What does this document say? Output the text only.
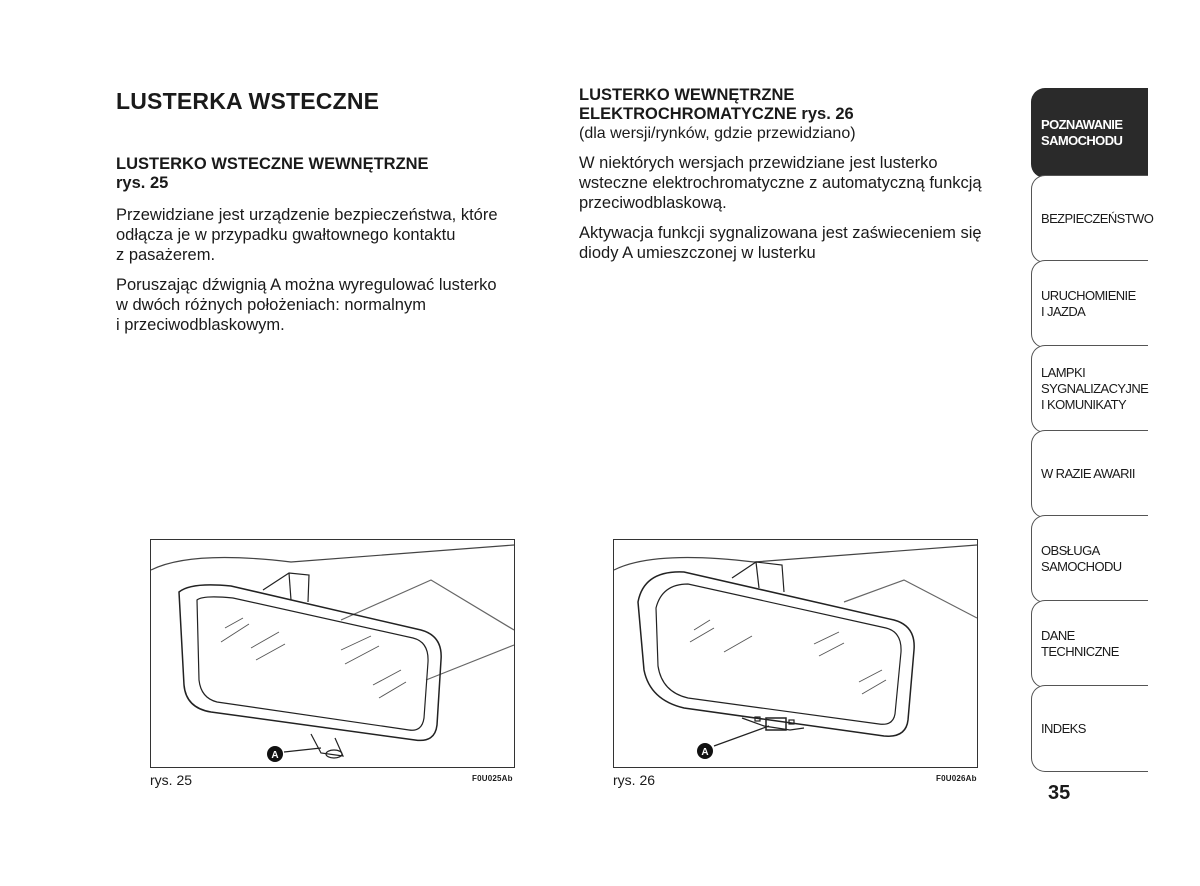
LUSTERKA WSTECZNE
LUSTERKO WSTECZNE WEWNĘTRZNE
rys. 25

Przewidziane jest urządzenie bezpieczeństwa, które
odłącza je w przypadku gwałtownego kontaktu
z pasażerem.

Poruszając dźwignią A można wyregulować lusterko
w dwóch różnych położeniach: normalnym
i przeciwodblaskowym.

LUSTERKO WEWNĘTRZNE
ELEKTROCHROMATYCZNE rys. 26
(dla wersji/rynków, gdzie przewidziano)

W niektórych wersjach przewidziane jest lusterko
wsteczne elektrochromatyczne z automatyczną funkcją
przeciwodblaskową.

Aktywacja funkcji sygnalizowana jest zaświeceniem się
diody A umieszczonej w lusterku

A
rys. 25	F0U025Ab
A
rys. 26	F0U026Ab
POZNAWANIE
SAMOCHODU
BEZPIECZEŃSTWO
URUCHOMIENIE
I JAZDA
LAMPKI
SYGNALIZACYJNE
I KOMUNIKATY
W RAZIE AWARII
OBSŁUGA
SAMOCHODU
DANE
TECHNICZNE
INDEKS
35
